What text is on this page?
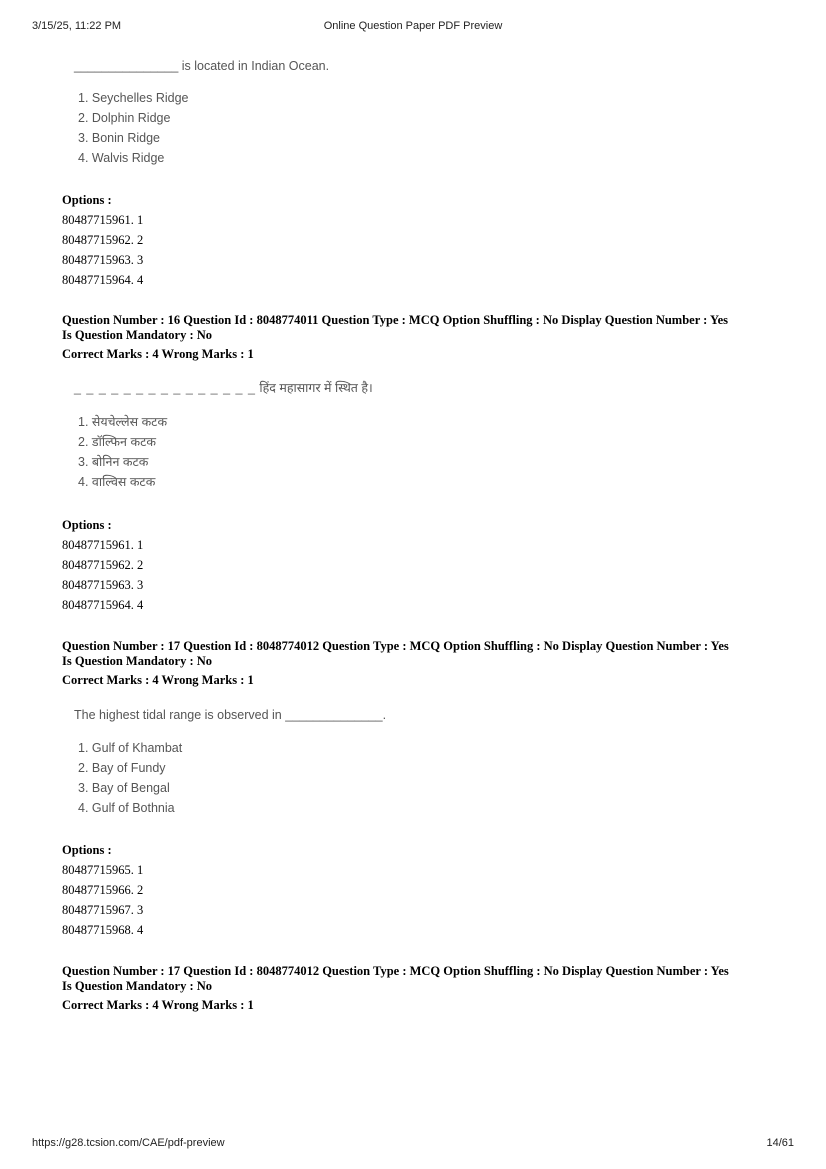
3/15/25, 11:22 PM	Online Question Paper PDF Preview
_______________ is located in Indian Ocean.
1. Seychelles Ridge
2. Dolphin Ridge
3. Bonin Ridge
4. Walvis Ridge
Options :
80487715961. 1
80487715962. 2
80487715963. 3
80487715964. 4
Question Number : 16 Question Id : 8048774011 Question Type : MCQ Option Shuffling : No Display Question Number : Yes
Is Question Mandatory : No
Correct Marks : 4 Wrong Marks : 1
_ _ _ _ _ _ _ _ _ _ _ _ _ _ _ हिंद महासागर में स्थित है।
1. सेयचेल्लेस कटक
2. डॉल्फिन कटक
3. बोनिन कटक
4. वाल्विस कटक
Options :
80487715961. 1
80487715962. 2
80487715963. 3
80487715964. 4
Question Number : 17 Question Id : 8048774012 Question Type : MCQ Option Shuffling : No Display Question Number : Yes
Is Question Mandatory : No
Correct Marks : 4 Wrong Marks : 1
The highest tidal range is observed in ______________.
1. Gulf of Khambat
2. Bay of Fundy
3. Bay of Bengal
4. Gulf of Bothnia
Options :
80487715965. 1
80487715966. 2
80487715967. 3
80487715968. 4
Question Number : 17 Question Id : 8048774012 Question Type : MCQ Option Shuffling : No Display Question Number : Yes
Is Question Mandatory : No
Correct Marks : 4 Wrong Marks : 1
https://g28.tcsion.com/CAE/pdf-preview	14/61
